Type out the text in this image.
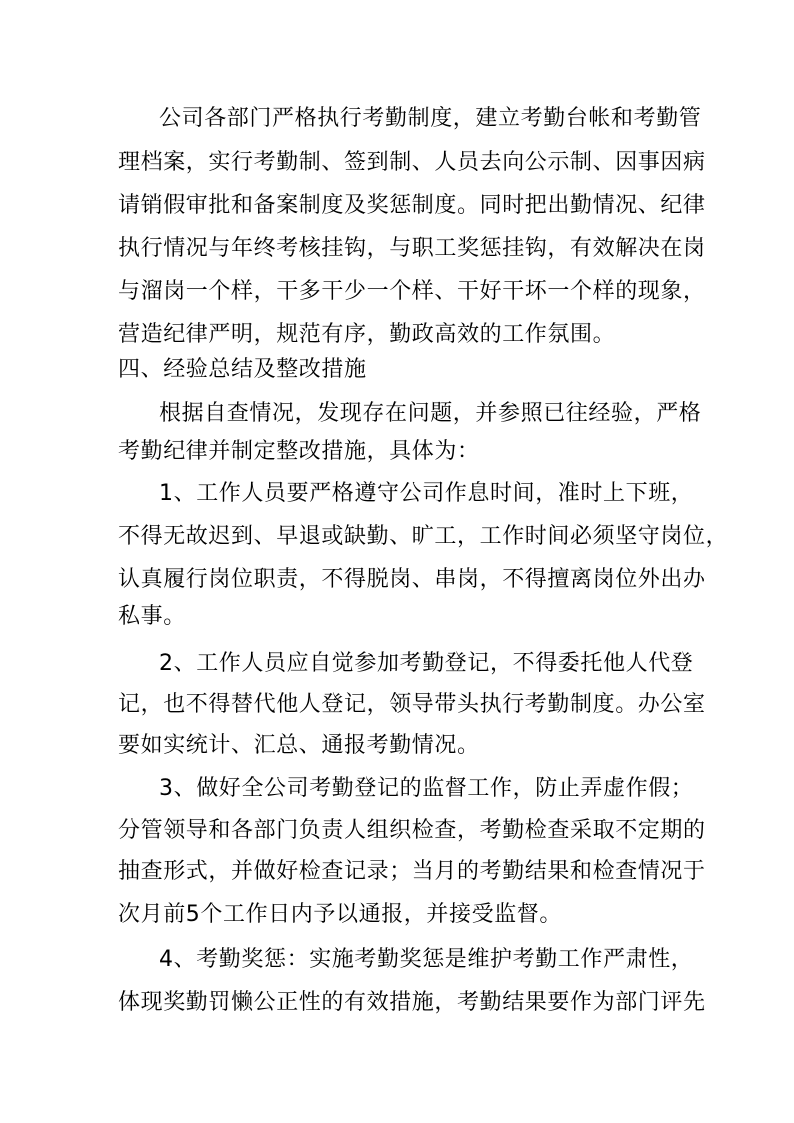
公司各部门严格执行考勤制度，建立考勤台帐和考勤管

理档案，实行考勤制、签到制、人员去向公示制、因事因病

请销假审批和备案制度及奖惩制度。同时把出勤情况、纪律

执行情况与年终考核挂钩，与职工奖惩挂钩，有效解决在岗

与溜岗一个样，干多干少一个样、干好干坏一个样的现象，

营造纪律严明，规范有序，勤政高效的工作氛围。

四、经验总结及整改措施

根据自查情况，发现存在问题，并参照已往经验，严格

考勤纪律并制定整改措施，具体为：

1、工作人员要严格遵守公司作息时间，准时上下班，

不得无故迟到、早退或缺勤、旷工，工作时间必须坚守岗位，

认真履行岗位职责，不得脱岗、串岗，不得擅离岗位外出办

私事。

2、工作人员应自觉参加考勤登记，不得委托他人代登

记，也不得替代他人登记，领导带头执行考勤制度。办公室

要如实统计、汇总、通报考勤情况。

3、做好全公司考勤登记的监督工作，防止弄虚作假；

分管领导和各部门负责人组织检查，考勤检查采取不定期的

抽查形式，并做好检查记录；当月的考勤结果和检查情况于

次月前5个工作日内予以通报，并接受监督。

4、考勤奖惩：实施考勤奖惩是维护考勤工作严肃性，

体现奖勤罚懒公正性的有效措施，考勤结果要作为部门评先
